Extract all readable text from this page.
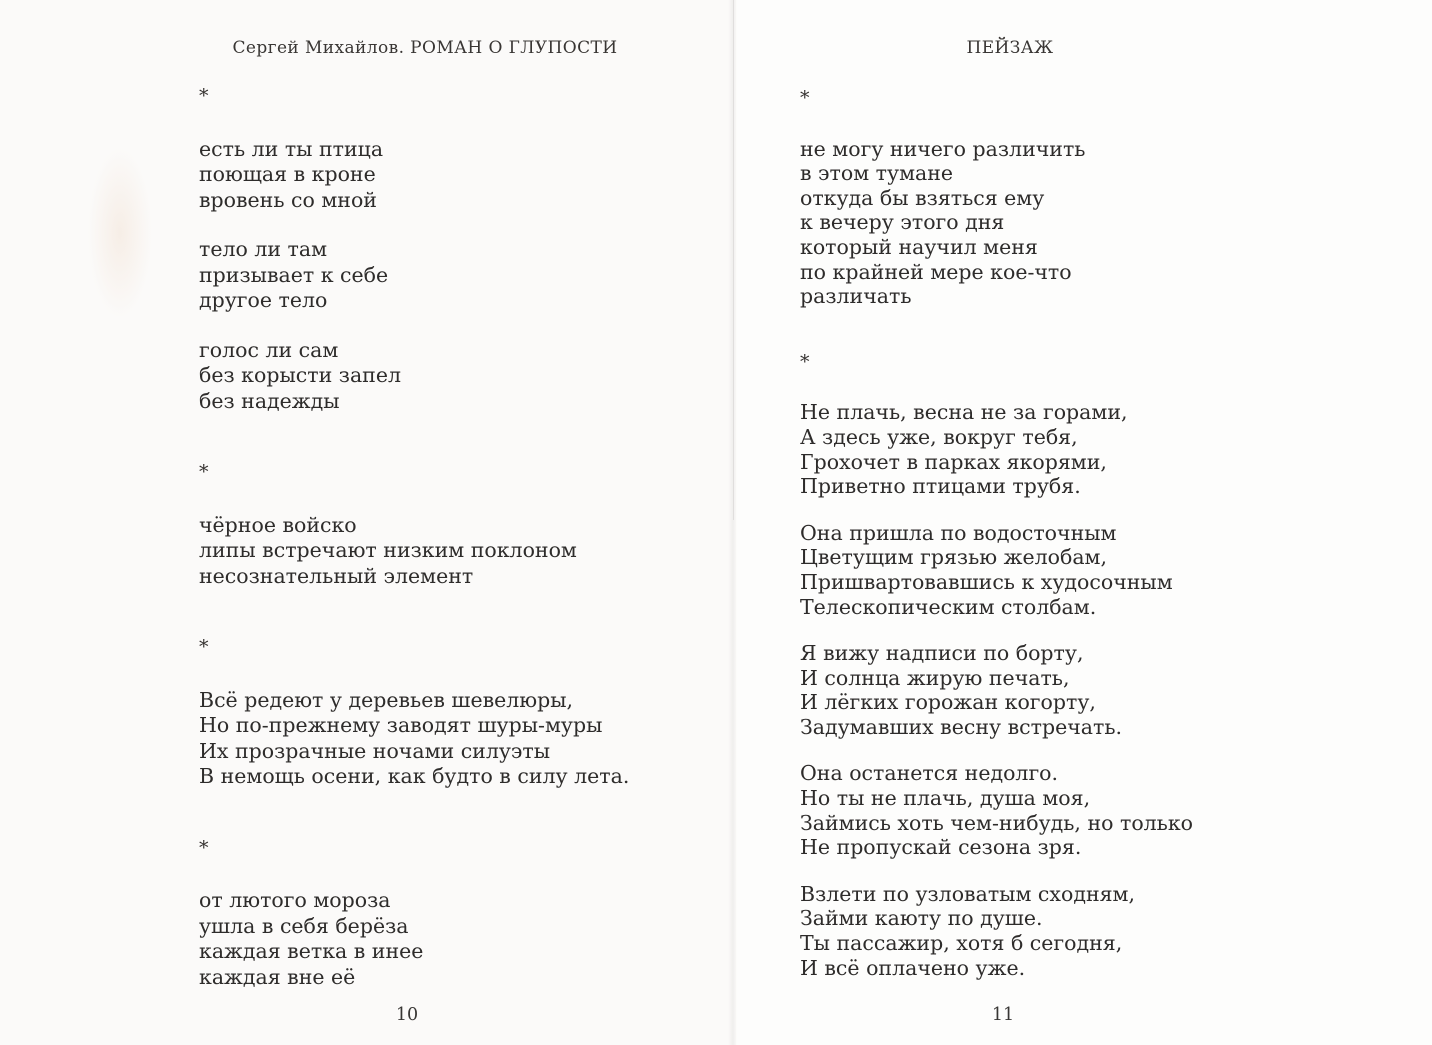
Сергей Михайлов. РОМАН О ГЛУПОСТИ
*
есть ли ты птица
поющая в кроне
вровень со мной
тело ли там
призывает к себе
другое тело
голос ли сам
без корысти запел
без надежды
*
чёрное войско
липы встречают низким поклоном
несознательный элемент
*
Всё редеют у деревьев шевелюры,
Но по-прежнему заводят шуры-муры
Их прозрачные ночами силуэты
В немощь осени, как будто в силу лета.
*
от лютого мороза
ушла в себя берёза
каждая ветка в инее
каждая вне её
10
ПЕЙЗАЖ
*
не могу ничего различить
в этом тумане
откуда бы взяться ему
к вечеру этого дня
который научил меня
по крайней мере кое-что
различать
*
Не плачь, весна не за горами,
А здесь уже, вокруг тебя,
Грохочет в парках якорями,
Приветно птицами трубя.
Она пришла по водосточным
Цветущим грязью желобам,
Пришвартовавшись к худосочным
Телескопическим столбам.
Я вижу надписи по борту,
И солнца жирую печать,
И лёгких горожан когорту,
Задумавших весну встречать.
Она останется недолго.
Но ты не плачь, душа моя,
Займись хоть чем-нибудь, но только
Не пропускай сезона зря.
Взлети по узловатым сходням,
Займи каюту по душе.
Ты пассажир, хотя б сегодня,
И всё оплачено уже.
11
